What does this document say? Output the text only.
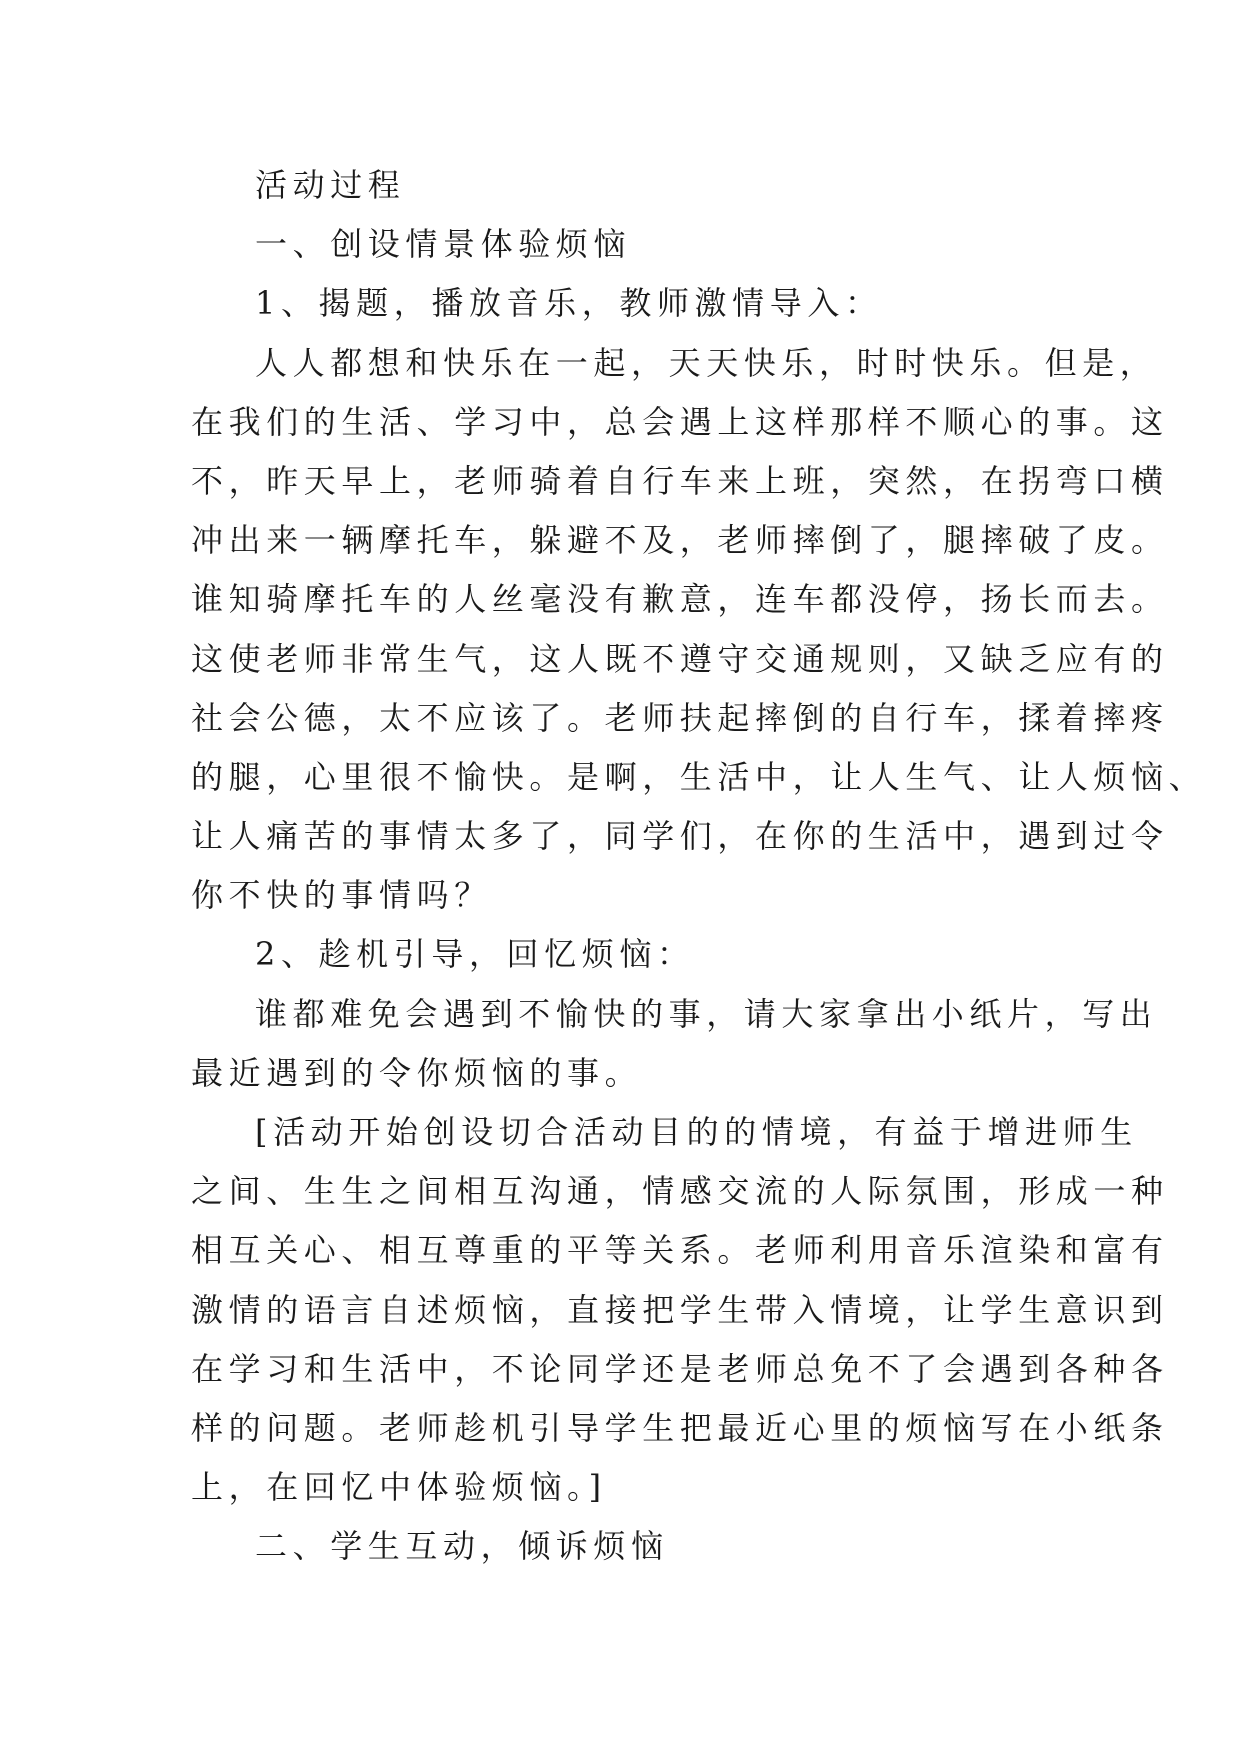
活动过程
一、创设情景体验烦恼
1、揭题，播放音乐，教师激情导入：
人人都想和快乐在一起，天天快乐，时时快乐。但是，
在我们的生活、学习中，总会遇上这样那样不顺心的事。这
不，昨天早上，老师骑着自行车来上班，突然，在拐弯口横
冲出来一辆摩托车，躲避不及，老师摔倒了，腿摔破了皮。
谁知骑摩托车的人丝毫没有歉意，连车都没停，扬长而去。
这使老师非常生气，这人既不遵守交通规则，又缺乏应有的
社会公德，太不应该了。老师扶起摔倒的自行车，揉着摔疼
的腿，心里很不愉快。是啊，生活中，让人生气、让人烦恼、
让人痛苦的事情太多了，同学们，在你的生活中，遇到过令
你不快的事情吗？
2、趁机引导，回忆烦恼：
谁都难免会遇到不愉快的事，请大家拿出小纸片，写出
最近遇到的令你烦恼的事。
[活动开始创设切合活动目的的情境，有益于增进师生
之间、生生之间相互沟通，情感交流的人际氛围，形成一种
相互关心、相互尊重的平等关系。老师利用音乐渲染和富有
激情的语言自述烦恼，直接把学生带入情境，让学生意识到
在学习和生活中，不论同学还是老师总免不了会遇到各种各
样的问题。老师趁机引导学生把最近心里的烦恼写在小纸条
上，在回忆中体验烦恼。]
二、学生互动，倾诉烦恼
